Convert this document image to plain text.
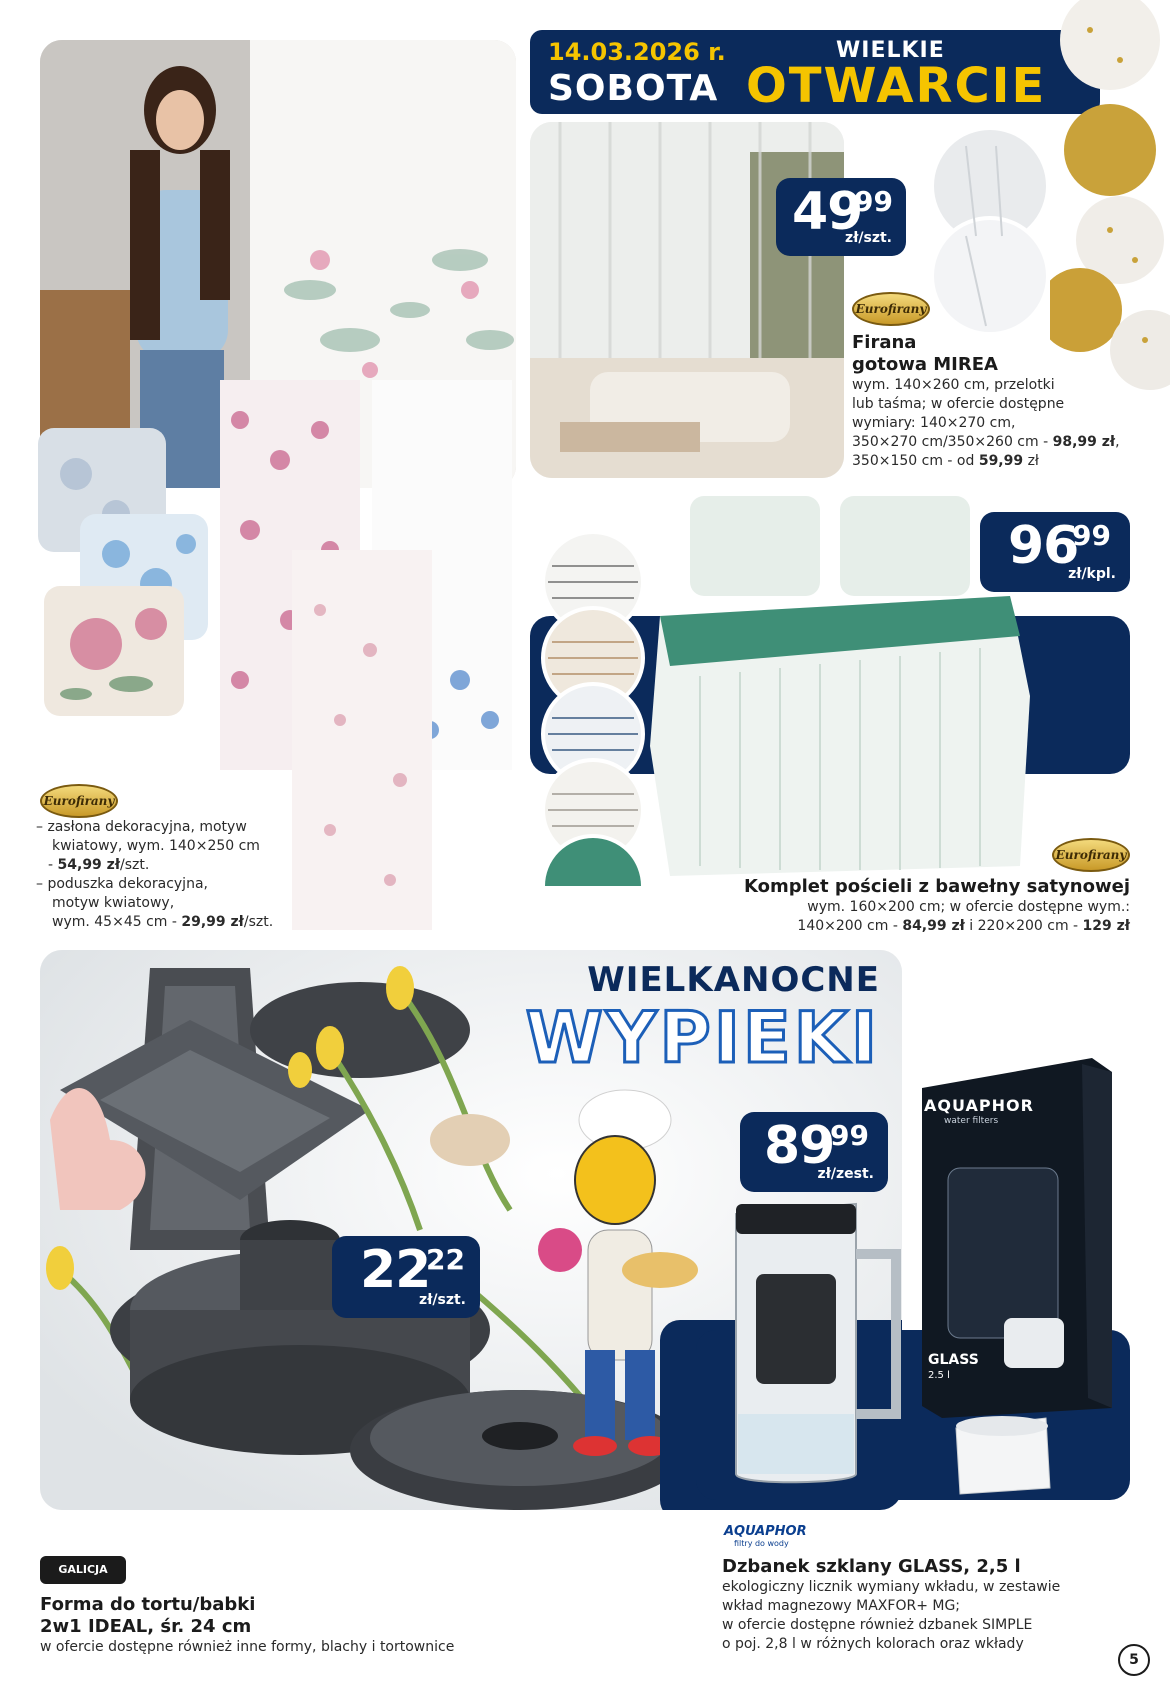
Eurofirany
– zasłona dekoracyjna, motyw
kwiatowy, wym. 140×250 cm
- 54,99 zł/szt.
– poduszka dekoracyjna,
motyw kwiatowy,
wym. 45×45 cm - 29,99 zł/szt.
14.03.2026 r.
SOBOTA
WIELKIE
OTWARCIE
49
99
zł/szt.
Eurofirany
Firana
gotowa MIREA
wym. 140×260 cm, przelotki
lub taśma; w ofercie dostępne
wymiary: 140×270 cm,
350×270 cm/350×260 cm - 98,99 zł,
350×150 cm - od 59,99 zł
96
99
zł/kpl.
Eurofirany
Komplet pościeli z bawełny satynowej
wym. 160×200 cm; w ofercie dostępne wym.:
140×200 cm - 84,99 zł i 220×200 cm - 129 zł
WIELKANOCNE
WYPIEKI
22
22
zł/szt.
AQUAPHOR
water filters
GLASS
2.5 l
89
99
zł/zest.
GALICJA
Forma do tortu/babki
2w1 IDEAL, śr. 24 cm
w ofercie dostępne również inne formy, blachy i tortownice
AQUAPHOR
filtry do wody
Dzbanek szklany GLASS, 2,5 l
ekologiczny licznik wymiany wkładu, w zestawie
wkład magnezowy MAXFOR+ MG;
w ofercie dostępne również dzbanek SIMPLE
o poj. 2,8 l w różnych kolorach oraz wkłady
5
